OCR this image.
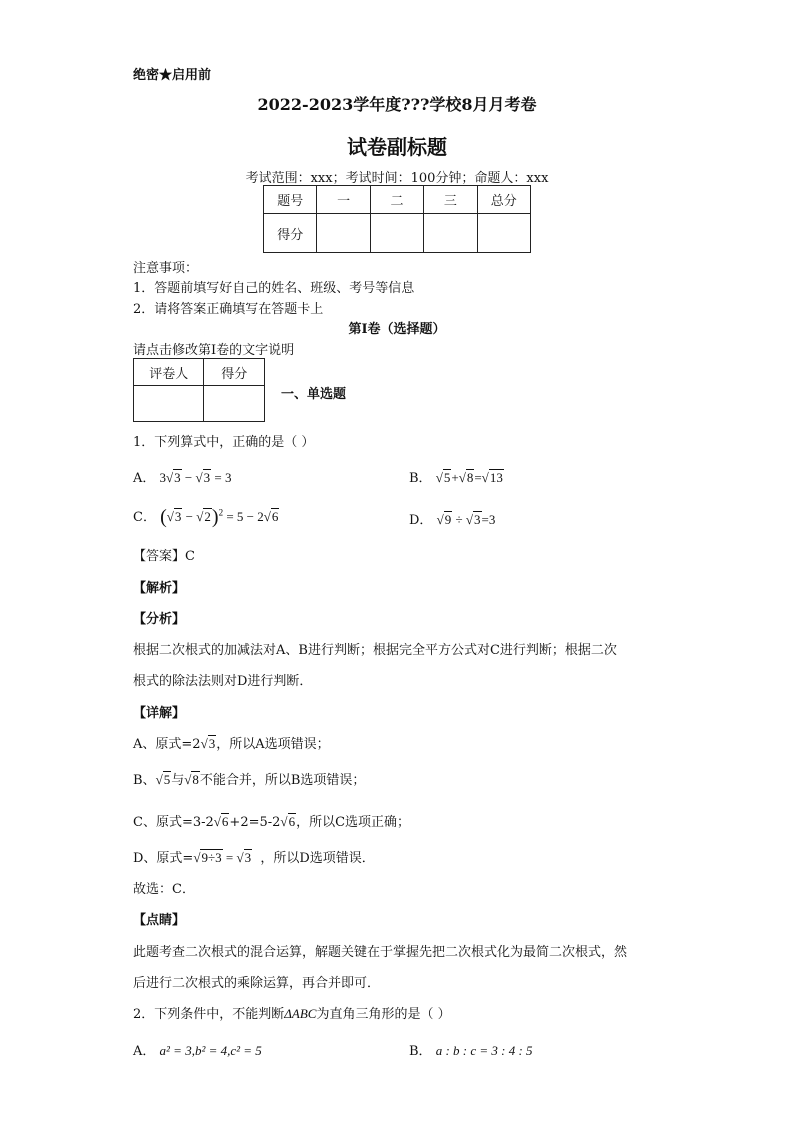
绝密★启用前
2022-2023学年度???学校8月月考卷
试卷副标题
考试范围：xxx；考试时间：100分钟；命题人：xxx
题号	一	二	三	总分
得分				
注意事项：
1．答题前填写好自己的姓名、班级、考号等信息
2．请将答案正确填写在答题卡上
第I卷（选择题）
请点击修改第I卷的文字说明
评卷人	得分

一、单选题
1．下列算式中，正确的是（ ）
A． 3√3 − √3 = 3	B． √5+√8=√13
C． $(√3 - √2)^2 = 5 - 2√6$	D． √9 ÷ √3=3
【答案】C
【解析】
【分析】
根据二次根式的加减法对A、B进行判断；根据完全平方公式对C进行判断；根据二次
根式的除法法则对D进行判断．
【详解】
A、原式=2√3，所以A选项错误；
B、√5与√8不能合并，所以B选项错误；
C、原式=3-2√6+2=5-2√6，所以C选项正确；
D、原式=√9÷3 = √3 ，所以D选项错误．
故选：C．
【点睛】
此题考查二次根式的混合运算，解题关键在于掌握先把二次根式化为最简二次根式，然
后进行二次根式的乘除运算，再合并即可．
2．下列条件中，不能判断ΔABC为直角三角形的是（ ）
A． a² = 3,b² = 4,c² = 5	B． a : b : c = 3 : 4 : 5
